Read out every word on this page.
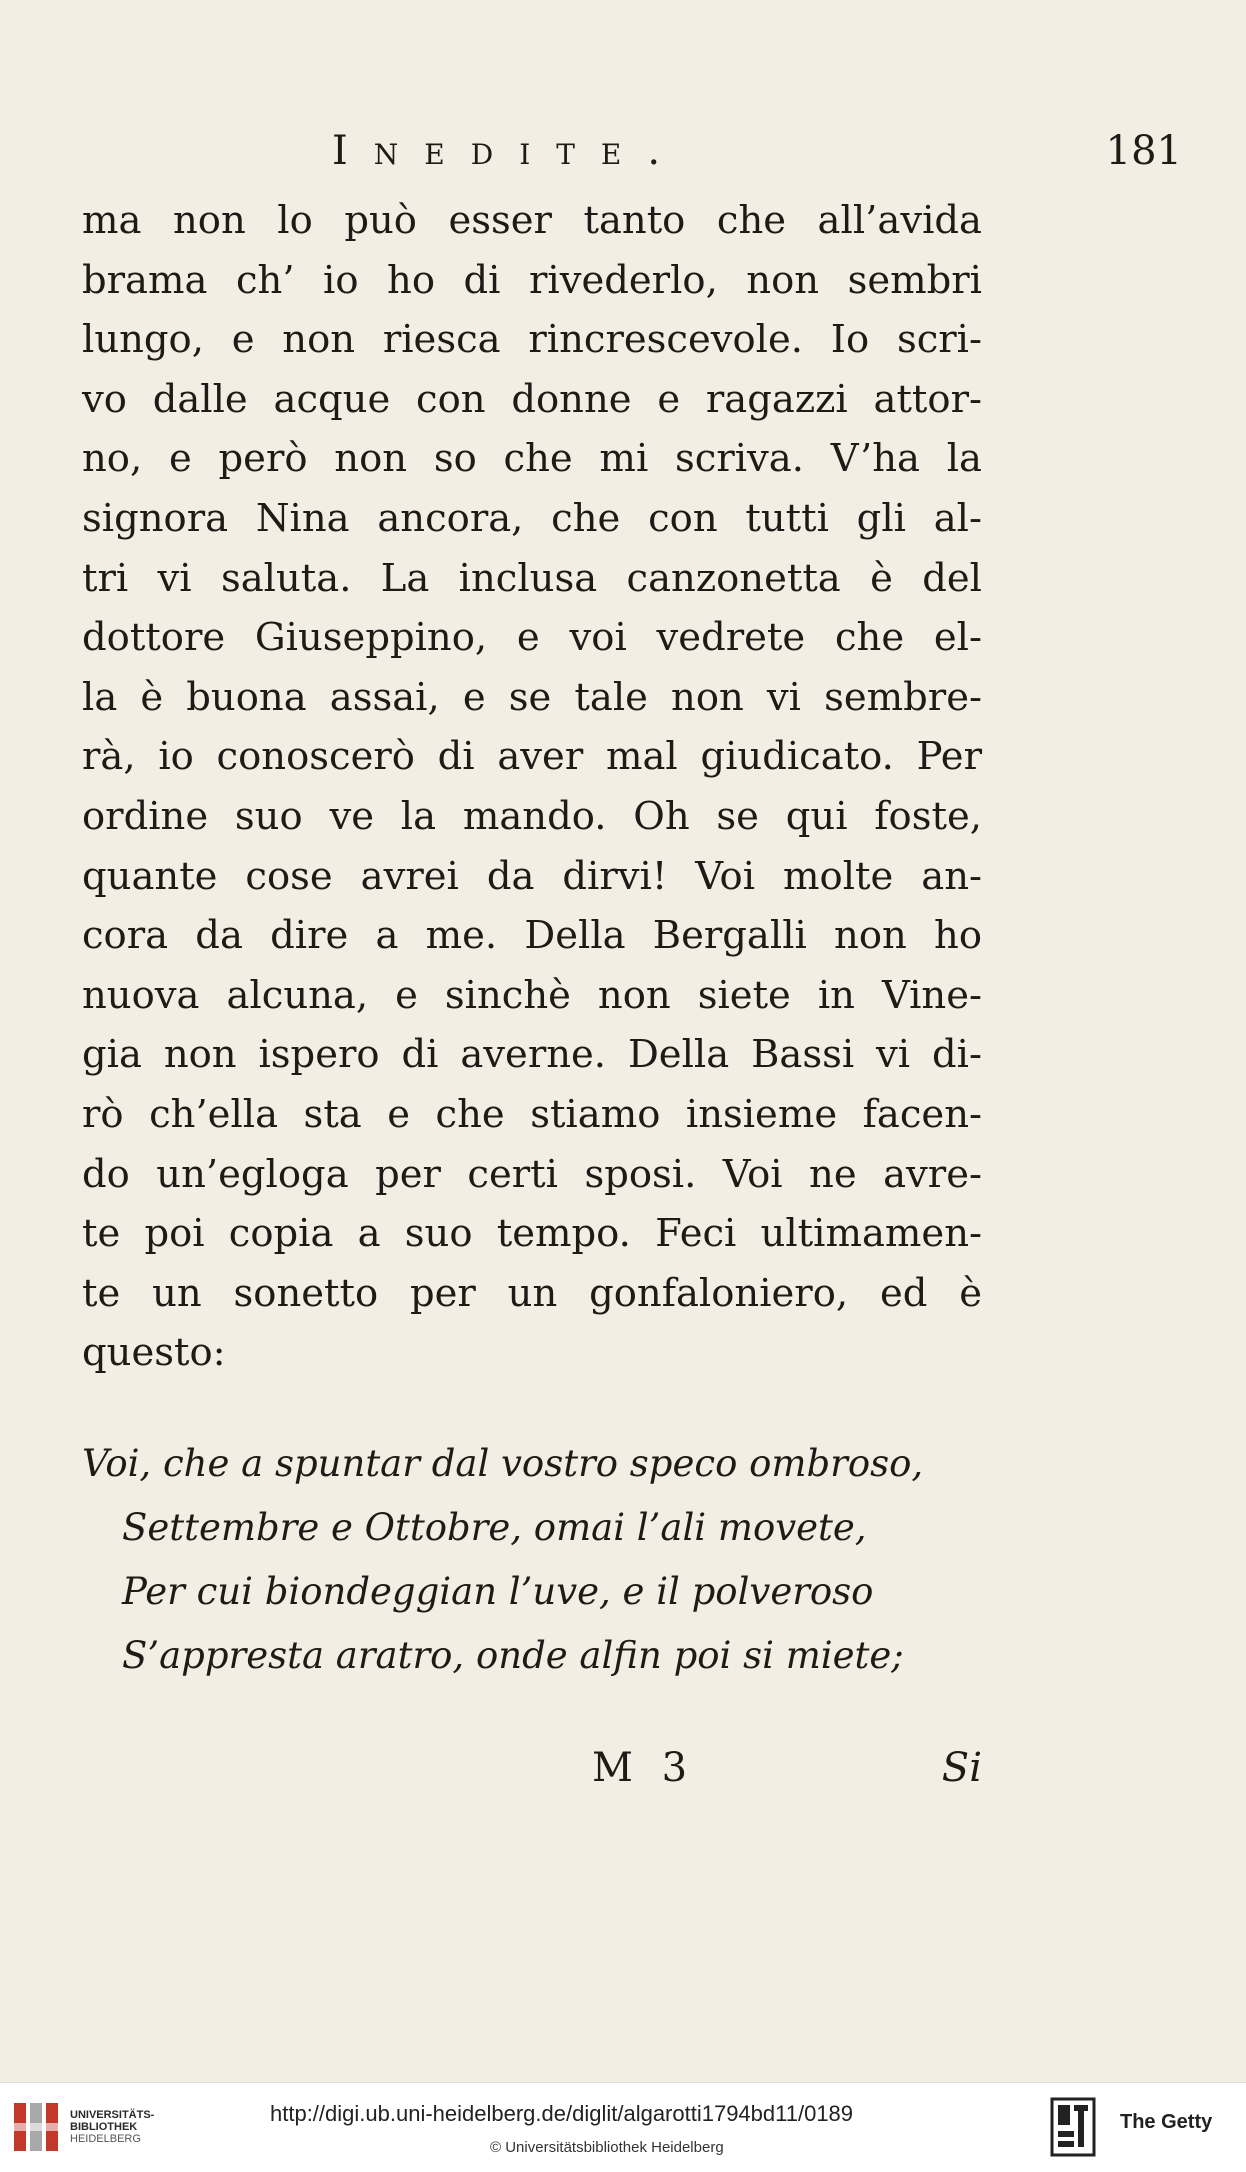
Inedite.	181
ma non lo può esser tanto che all’avida
brama ch’ io ho di rivederlo, non sembri
lungo, e non riesca rincrescevole. Io scri-
vo dalle acque con donne e ragazzi attor-
no, e però non so che mi scriva. V’ha la
signora Nina ancora, che con tutti gli al-
tri vi saluta. La inclusa canzonetta è del
dottore Giuseppino, e voi vedrete che el-
la è buona assai, e se tale non vi sembre-
rà, io conoscerò di aver mal giudicato. Per
ordine suo ve la mando. Oh se qui foste,
quante cose avrei da dirvi! Voi molte an-
cora da dire a me. Della Bergalli non ho
nuova alcuna, e sinchè non siete in Vine-
gia non ispero di averne. Della Bassi vi di-
rò ch’ella sta e che stiamo insieme facen-
do un’egloga per certi sposi. Voi ne avre-
te poi copia a suo tempo. Feci ultimamen-
te un sonetto per un gonfaloniero, ed è
questo:
Voi, che a spuntar dal vostro speco ombroso,
Settembre e Ottobre, omai l’ali movete,
Per cui biondeggian l’uve, e il polveroso
S’appresta aratro, onde alfin poi si miete;
M 3	Si
UNIVERSITÄTS-
BIBLIOTHEK
HEIDELBERG
http://digi.ub.uni-heidelberg.de/diglit/algarotti1794bd11/0189
© Universitätsbibliothek Heidelberg
The Getty
